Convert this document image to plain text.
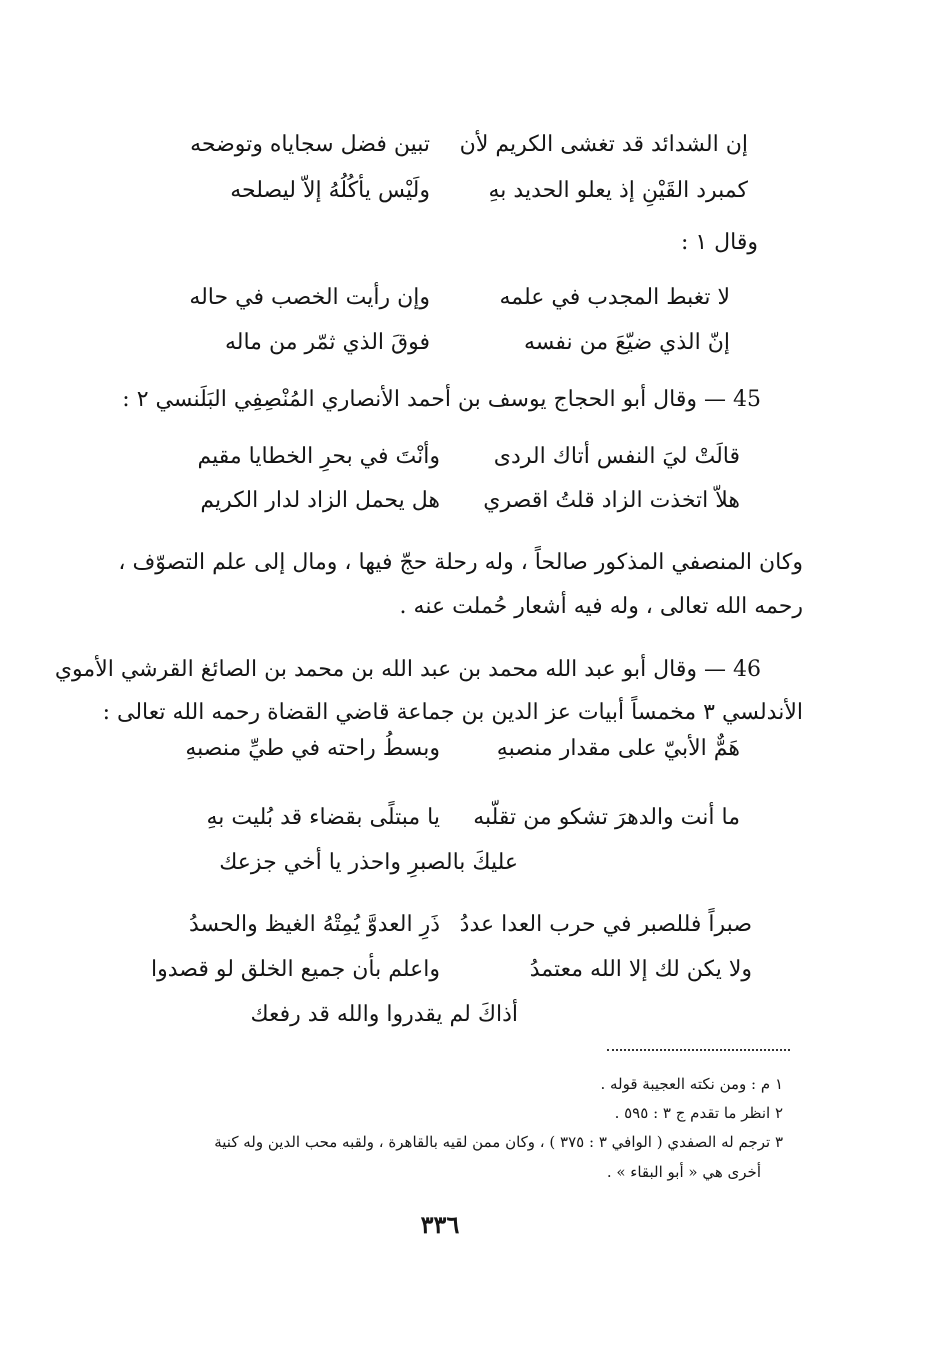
إن الشدائد قد تغشى الكريم لأن
تبين فضل سجاياه وتوضحه
كمبرد القَيْنِ إذ يعلو الحديد بهِ
ولَيْس يأكُلُهُ إلاّ ليصلحه
وقال ١ :
لا تغبط المجدب في علمه
وإن رأيت الخصب في حاله
إنّ الذي ضيّعَ من نفسه
فوقَ الذي ثمّر من ماله
45 — وقال أبو الحجاج يوسف بن أحمد الأنصاري المُنْصِفِي البَلَنسي ٢ :
قالَتْ ليَ النفس أتاك الردى
وأنْتَ في بحرِ الخطايا مقيم
هلاّ اتخذت الزاد قلتُ اقصري
هل يحمل الزاد لدار الكريم
وكان المنصفي المذكور صالحاً ، وله رحلة حجّ فيها ، ومال إلى علم التصوّف ،
رحمه الله تعالى ، وله فيه أشعار حُملت عنه .
46 — وقال أبو عبد الله محمد بن عبد الله بن محمد بن الصائغ القرشي الأموي
الأندلسي ٣ مخمساً أبيات عز الدين بن جماعة قاضي القضاة رحمه الله تعالى :
هَمٌّ الأبيّ على مقدار منصبهِ
وبسطُ راحته في طيِّ منصبهِ
ما أنت والدهرَ تشكو من تقلّبه
يا مبتلًى بقضاء قد بُليت بهِ
عليكَ بالصبرِ واحذر يا أخي جزعك
صبراً فللصبر في حرب العدا عددُ
ذَرِ العدوَّ يُمِتْهُ الغيظ والحسدُ
ولا يكن لك إلا الله معتمدُ
واعلم بأن جميع الخلق لو قصدوا
أذاكَ لم يقدروا والله قد رفعك
١ م : ومن نكته العجيبة قوله .
٢ انظر ما تقدم ج ٣ : ٥٩٥ .
٣ ترجم له الصفدي ( الوافي ٣ : ٣٧٥ ) ، وكان ممن لقيه بالقاهرة ، ولقبه محب الدين وله كنية
أخرى هي « أبو البقاء » .
٣٣٦
